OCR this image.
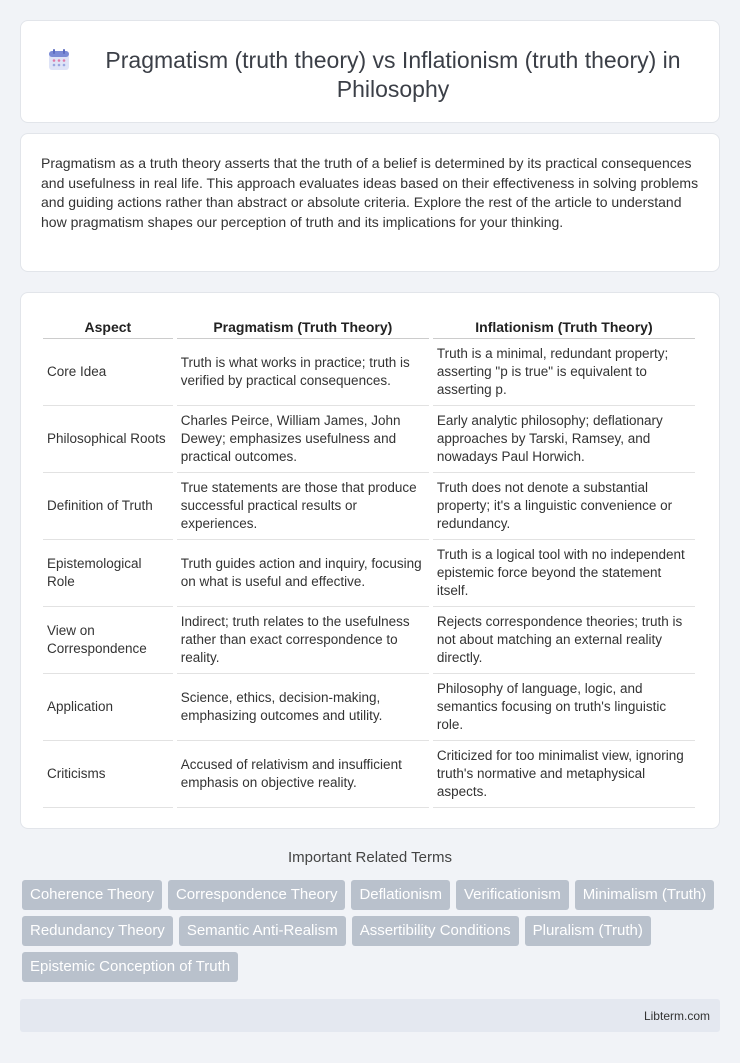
Pragmatism (truth theory) vs Inflationism (truth theory) in Philosophy

Pragmatism as a truth theory asserts that the truth of a belief is determined by its practical consequences and usefulness in real life. This approach evaluates ideas based on their effectiveness in solving problems and guiding actions rather than abstract or absolute criteria. Explore the rest of the article to understand how pragmatism shapes our perception of truth and its implications for your thinking.

Aspect	Pragmatism (Truth Theory)	Inflationism (Truth Theory)
Core Idea	Truth is what works in practice; truth is verified by practical consequences.	Truth is a minimal, redundant property; asserting "p is true" is equivalent to asserting p.
Philosophical Roots	Charles Peirce, William James, John Dewey; emphasizes usefulness and practical outcomes.	Early analytic philosophy; deflationary approaches by Tarski, Ramsey, and nowadays Paul Horwich.
Definition of Truth	True statements are those that produce successful practical results or experiences.	Truth does not denote a substantial property; it's a linguistic convenience or redundancy.
Epistemological Role	Truth guides action and inquiry, focusing on what is useful and effective.	Truth is a logical tool with no independent epistemic force beyond the statement itself.
View on Correspondence	Indirect; truth relates to the usefulness rather than exact correspondence to reality.	Rejects correspondence theories; truth is not about matching an external reality directly.
Application	Science, ethics, decision-making, emphasizing outcomes and utility.	Philosophy of language, logic, and semantics focusing on truth's linguistic role.
Criticisms	Accused of relativism and insufficient emphasis on objective reality.	Criticized for too minimalist view, ignoring truth's normative and metaphysical aspects.
Important Related Terms
Coherence Theory	Correspondence Theory	Deflationism	Verificationism	Minimalism (Truth)
Redundancy Theory	Semantic Anti-Realism	Assertibility Conditions	Pluralism (Truth)
Epistemic Conception of Truth
Libterm.com
